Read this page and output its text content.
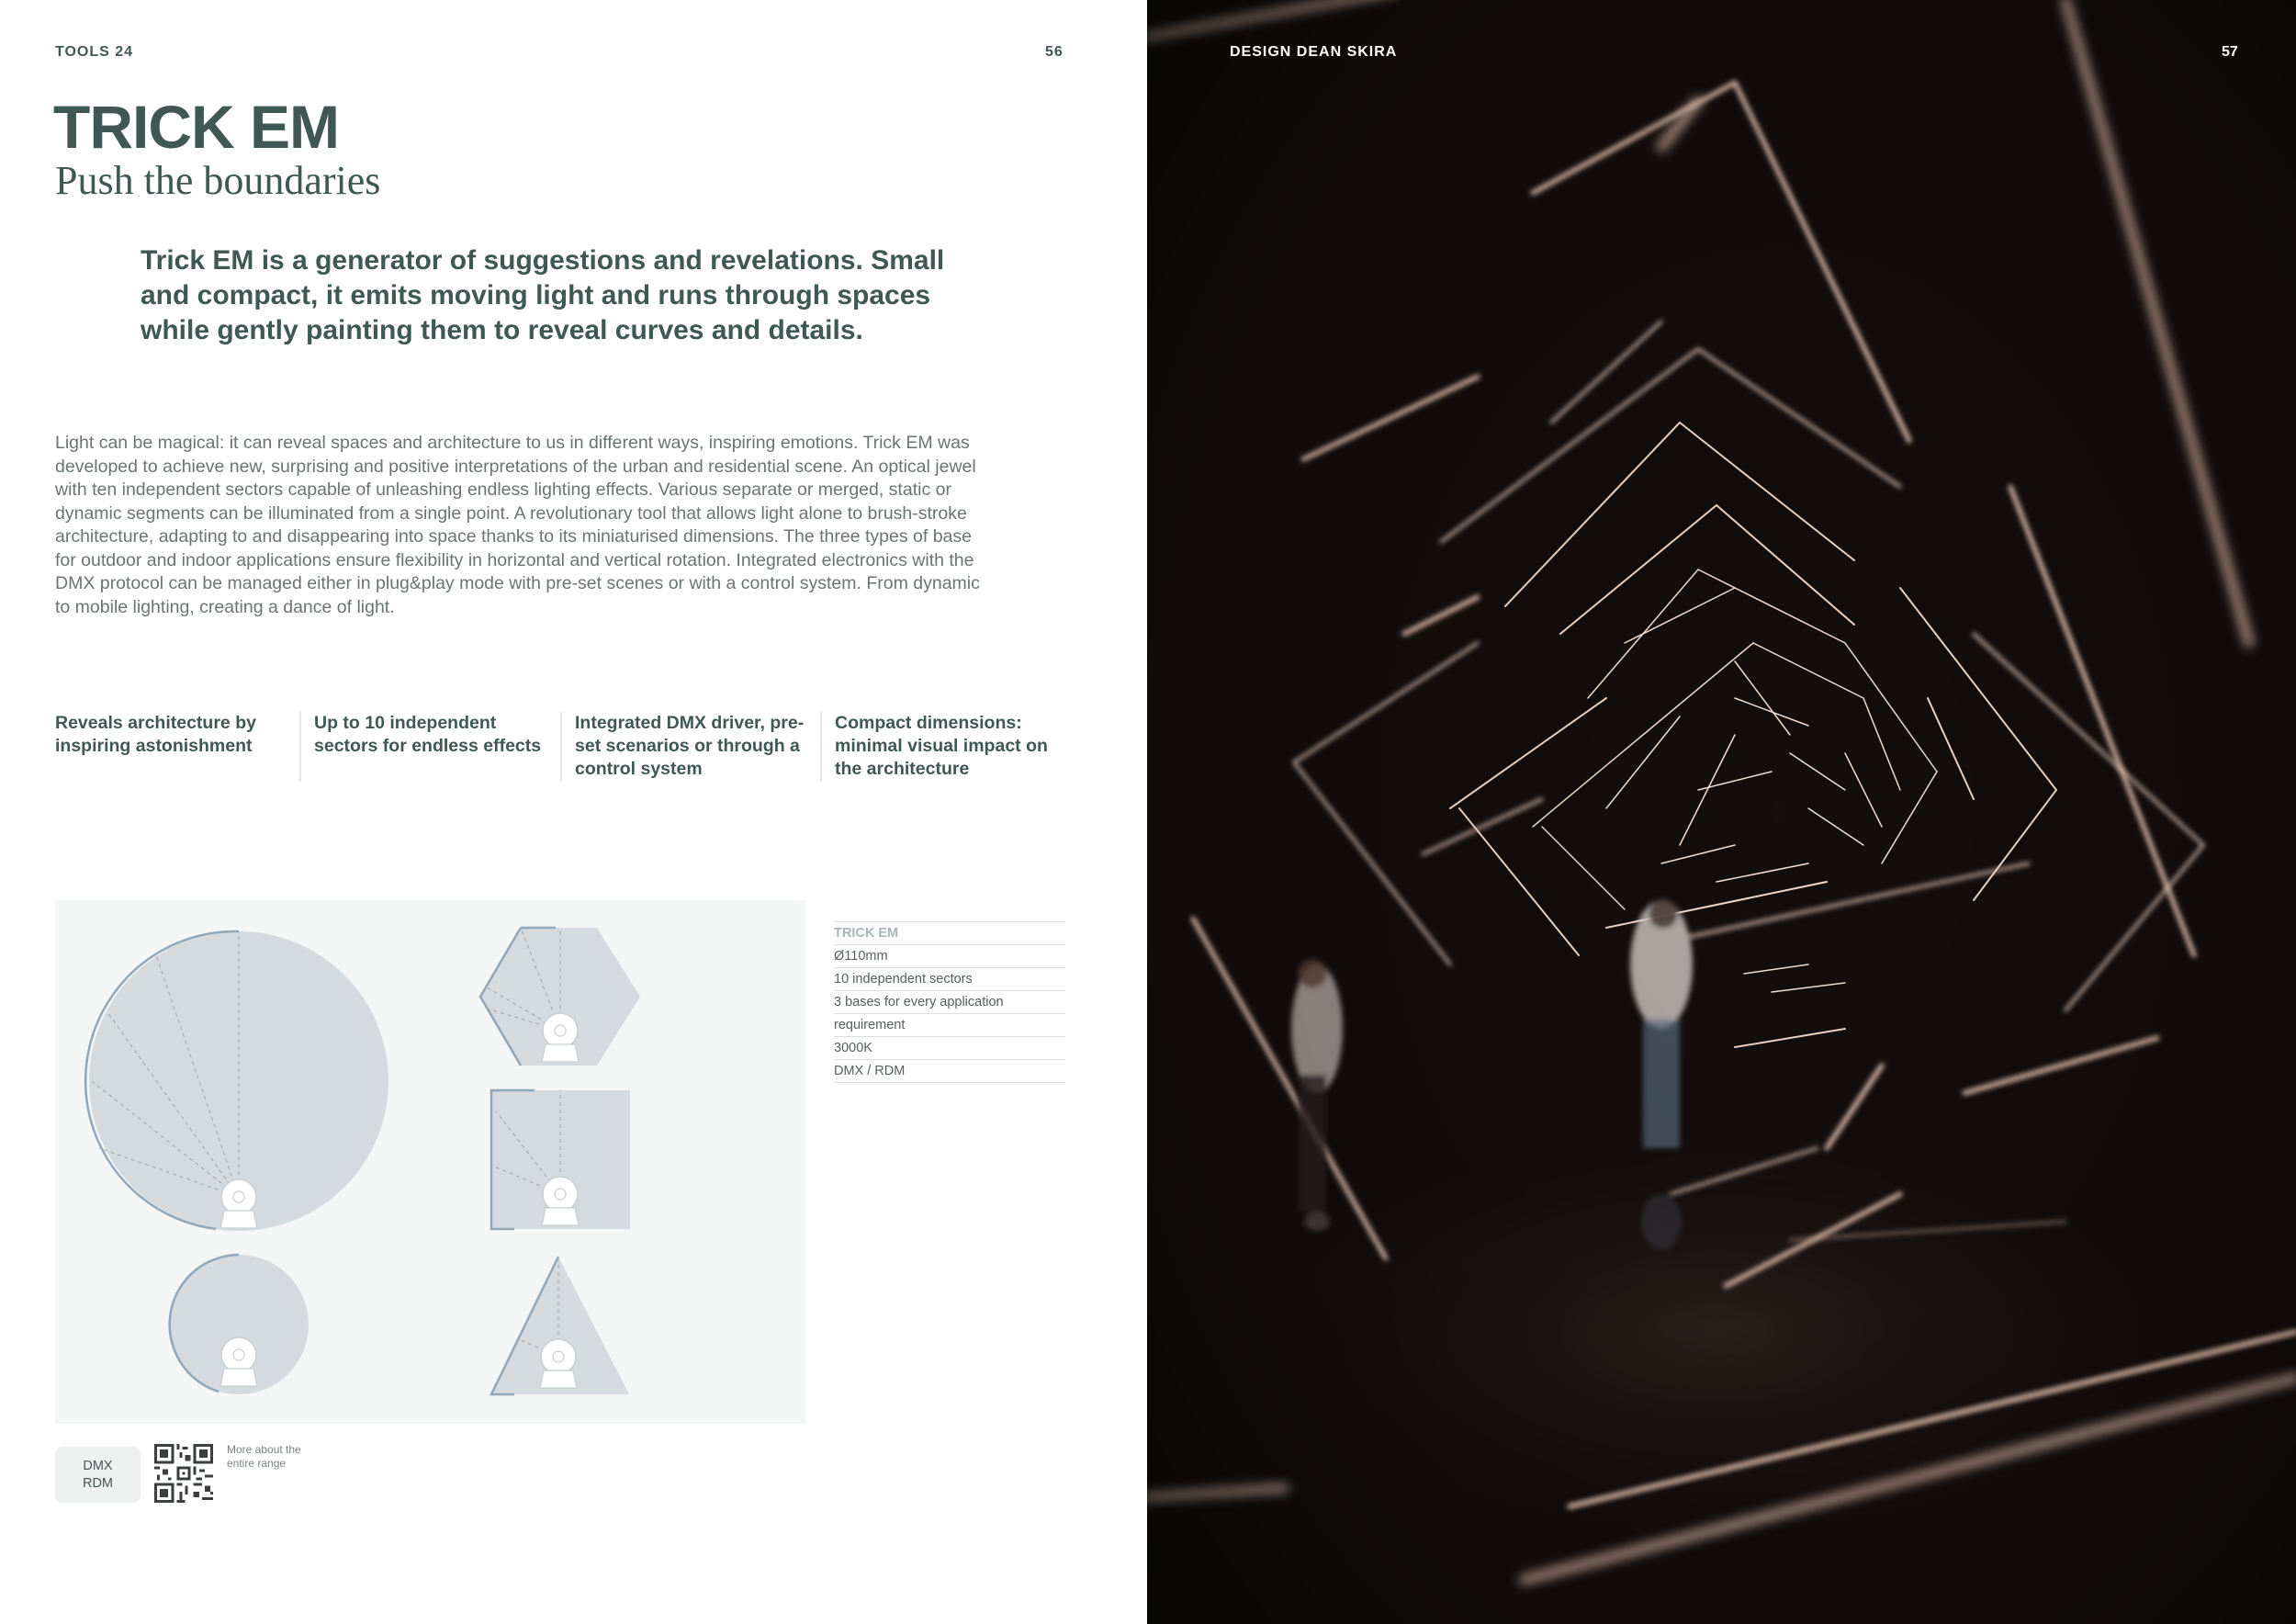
TOOLS 24	56
TRICK EM
Push the boundaries

Trick EM is a generator of suggestions and revelations. Small and compact, it emits moving light and runs through spaces while gently painting them to reveal curves and details.

Light can be magical: it can reveal spaces and architecture to us in different ways, inspiring emotions. Trick EM was developed to achieve new, surprising and positive interpretations of the urban and residential scene. An optical jewel with ten independent sectors capable of unleashing endless lighting effects. Various separate or merged, static or dynamic segments can be illuminated from a single point. A revolutionary tool that allows light alone to brush-stroke architecture, adapting to and disappearing into space thanks to its miniaturised dimensions. The three types of base for outdoor and indoor applications ensure flexibility in horizontal and vertical rotation. Integrated electronics with the DMX protocol can be managed either in plug&play mode with pre-set scenes or with a control system. From dynamic to mobile lighting, creating a dance of light.

Reveals architecture by inspiring astonishment
Up to 10 independent sectors for endless effects
Integrated DMX driver, pre-set scenarios or through a control system
Compact dimensions: minimal visual impact on the architecture
TRICK EM
Ø110mm
10 independent sectors
3 bases for every application
requirement
3000K
DMX / RDM
DMX
RDM
More about the entire range
DESIGN DEAN SKIRA	57
